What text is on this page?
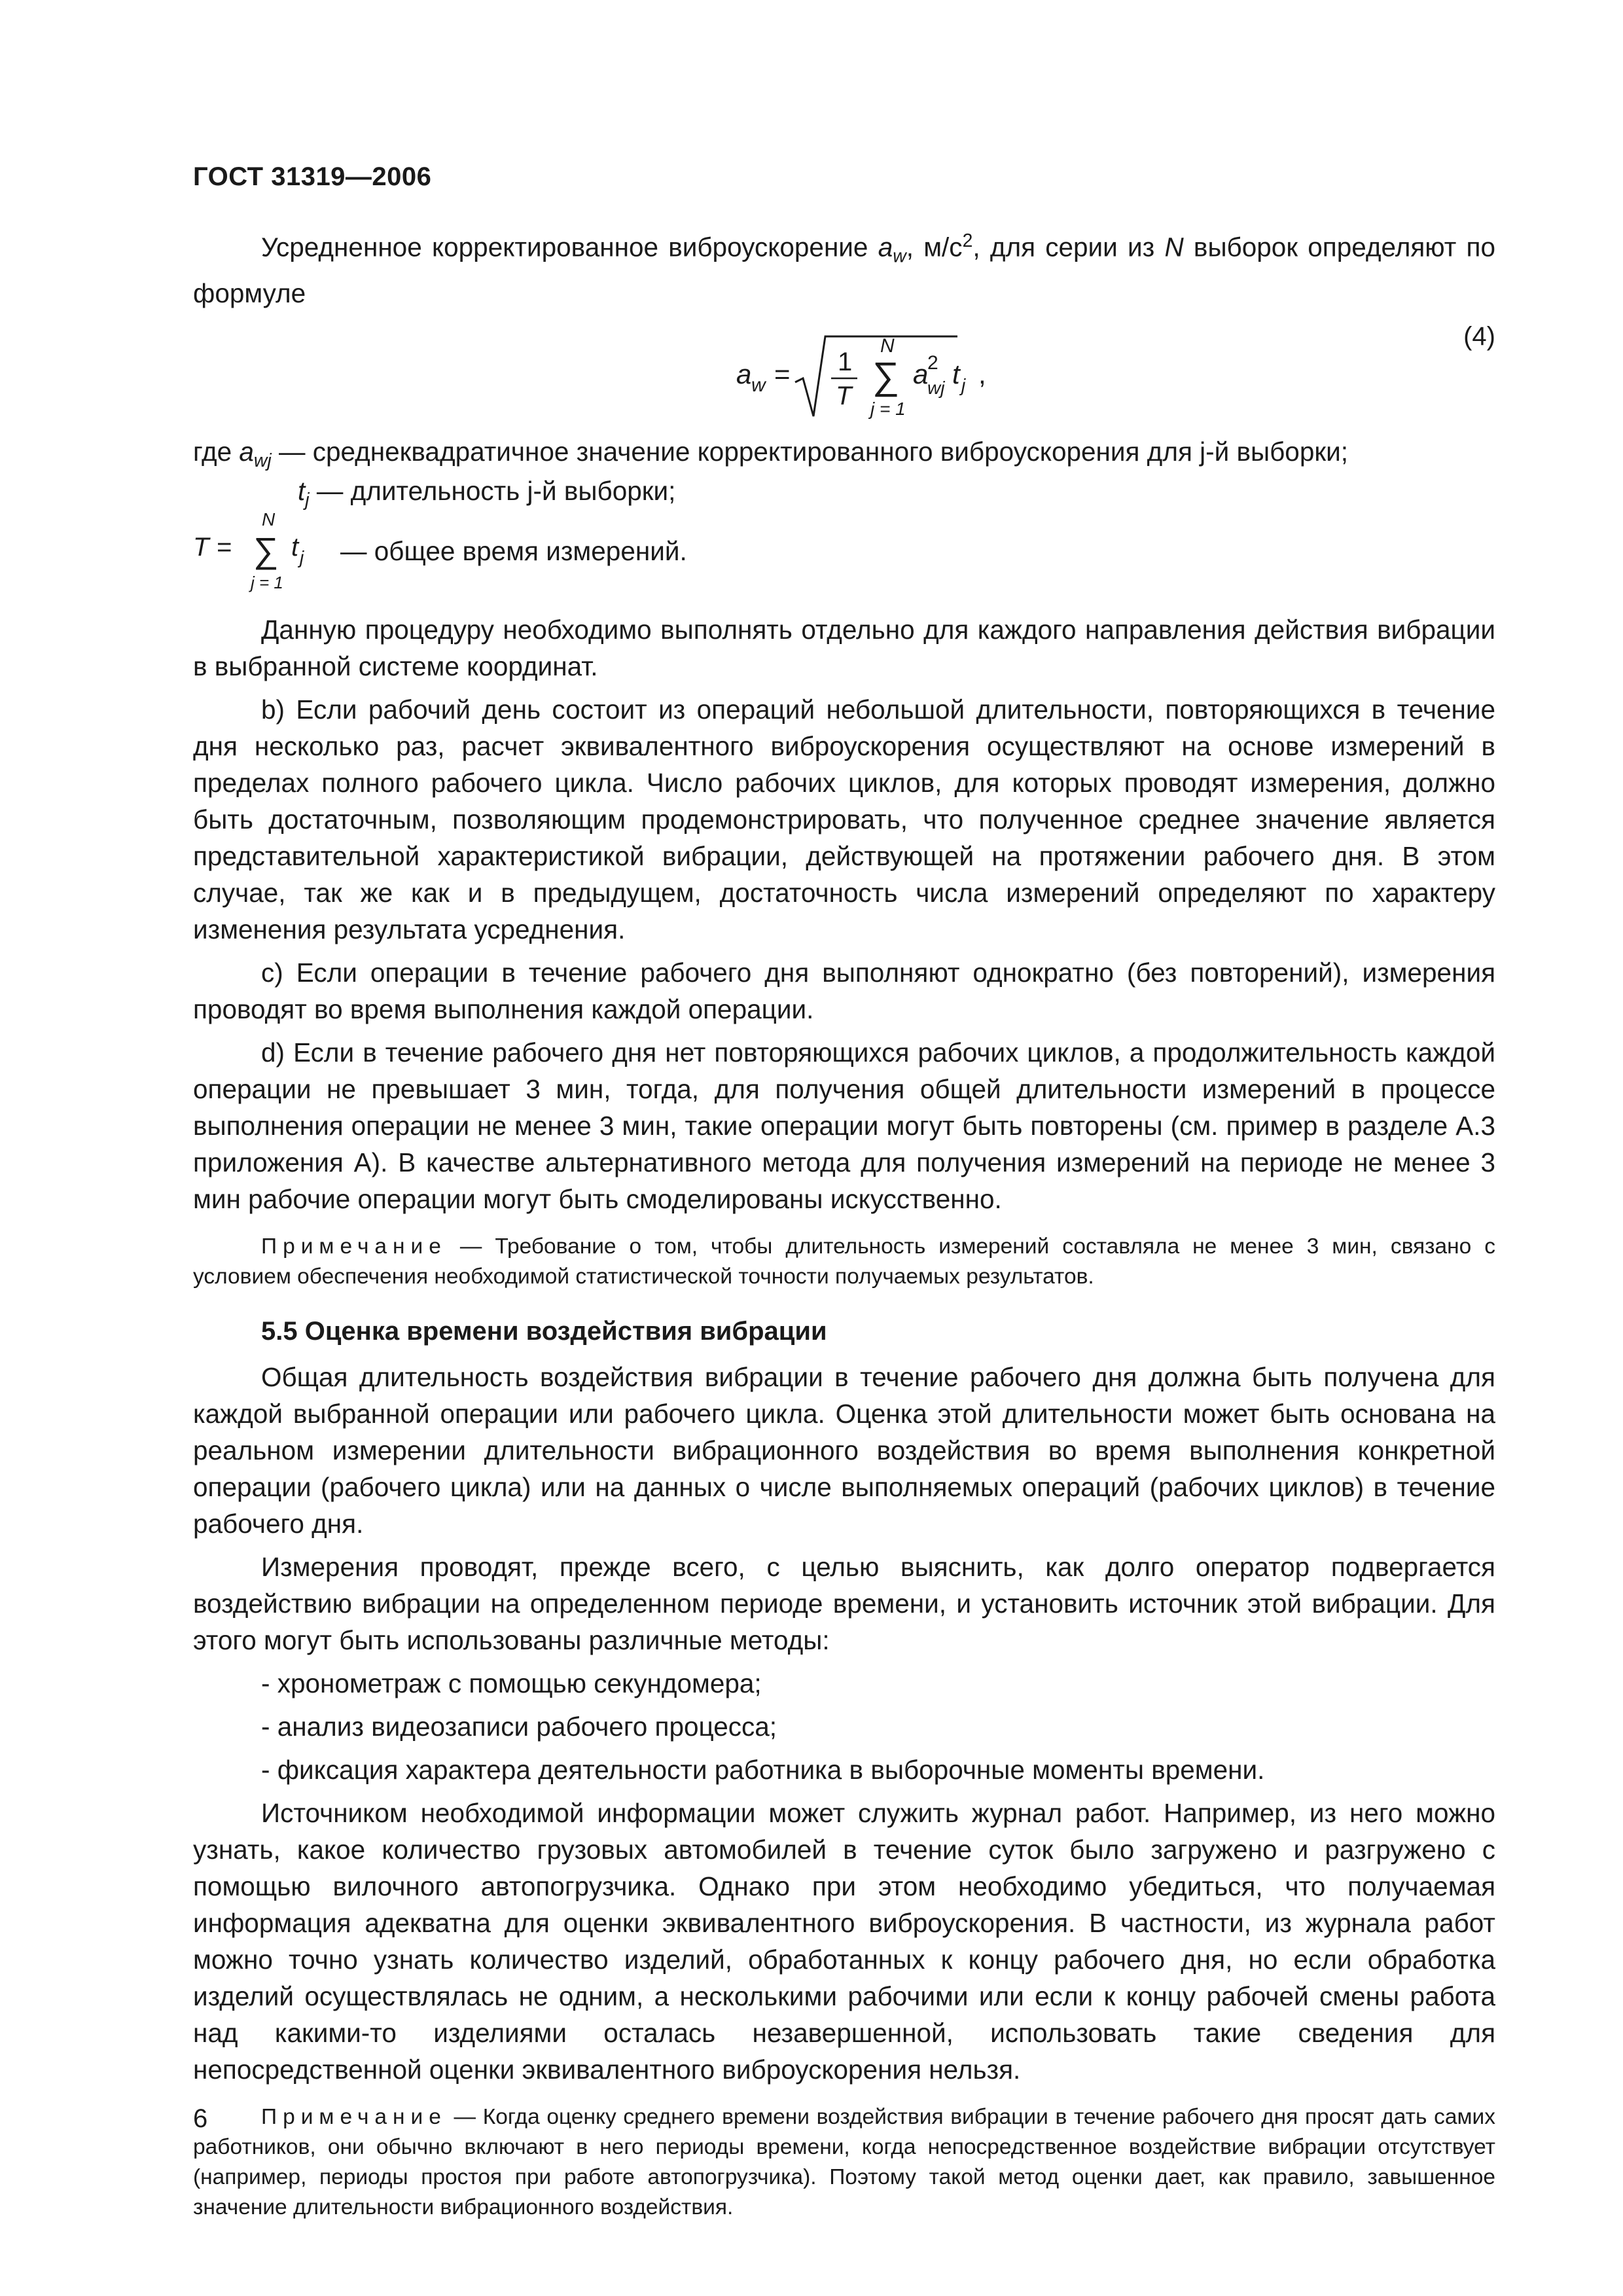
ГОСТ 31319—2006

Усредненное корректированное виброускорение $a_w$, $м/с^2$, для серии из N выборок определяют по формуле

a w = 1
T
N
∑
j = 1
a
2
wj t j ,
(4)
где $a_{wj}$ — среднеквадратичное значение корректированного виброускорения для j-й выборки;
$t_j$ — длительность j-й выборки;
T =
N
∑
j = 1
t j — общее время измерений.

Данную процедуру необходимо выполнять отдельно для каждого направления действия вибрации в выбранной системе координат.

b) Если рабочий день состоит из операций небольшой длительности, повторяющихся в течение дня несколько раз, расчет эквивалентного виброускорения осуществляют на основе измерений в пределах полного рабочего цикла. Число рабочих циклов, для которых проводят измерения, должно быть достаточным, позволяющим продемонстрировать, что полученное среднее значение является представительной характеристикой вибрации, действующей на протяжении рабочего дня. В этом случае, так же как и в предыдущем, достаточность числа измерений определяют по характеру изменения результата усреднения.

c) Если операции в течение рабочего дня выполняют однократно (без повторений), измерения проводят во время выполнения каждой операции.

d) Если в течение рабочего дня нет повторяющихся рабочих циклов, а продолжительность каждой операции не превышает 3 мин, тогда, для получения общей длительности измерений в процессе выполнения операции не менее 3 мин, такие операции могут быть повторены (см. пример в разделе А.3 приложения А). В качестве альтернативного метода для получения измерений на периоде не менее 3 мин рабочие операции могут быть смоделированы искусственно.

Примечание — Требование о том, чтобы длительность измерений составляла не менее 3 мин, связано с условием обеспечения необходимой статистической точности получаемых результатов.
5.5 Оценка времени воздействия вибрации

Общая длительность воздействия вибрации в течение рабочего дня должна быть получена для каждой выбранной операции или рабочего цикла. Оценка этой длительности может быть основана на реальном измерении длительности вибрационного воздействия во время выполнения конкретной операции (рабочего цикла) или на данных о числе выполняемых операций (рабочих циклов) в течение рабочего дня.

Измерения проводят, прежде всего, с целью выяснить, как долго оператор подвергается воздействию вибрации на определенном периоде времени, и установить источник этой вибрации. Для этого могут быть использованы различные методы:

- хронометраж с помощью секундомера;

- анализ видеозаписи рабочего процесса;

- фиксация характера деятельности работника в выборочные моменты времени.

Источником необходимой информации может служить журнал работ. Например, из него можно узнать, какое количество грузовых автомобилей в течение суток было загружено и разгружено с помощью вилочного автопогрузчика. Однако при этом необходимо убедиться, что получаемая информация адекватна для оценки эквивалентного виброускорения. В частности, из журнала работ можно точно узнать количество изделий, обработанных к концу рабочего дня, но если обработка изделий осуществлялась не одним, а несколькими рабочими или если к концу рабочей смены работа над какими-то изделиями осталась незавершенной, использовать такие сведения для непосредственной оценки эквивалентного виброускорения нельзя.

Примечание — Когда оценку среднего времени воздействия вибрации в течение рабочего дня просят дать самих работников, они обычно включают в него периоды времени, когда непосредственное воздействие вибрации отсутствует (например, периоды простоя при работе автопогрузчика). Поэтому такой метод оценки дает, как правило, завышенное значение длительности вибрационного воздействия.
6
